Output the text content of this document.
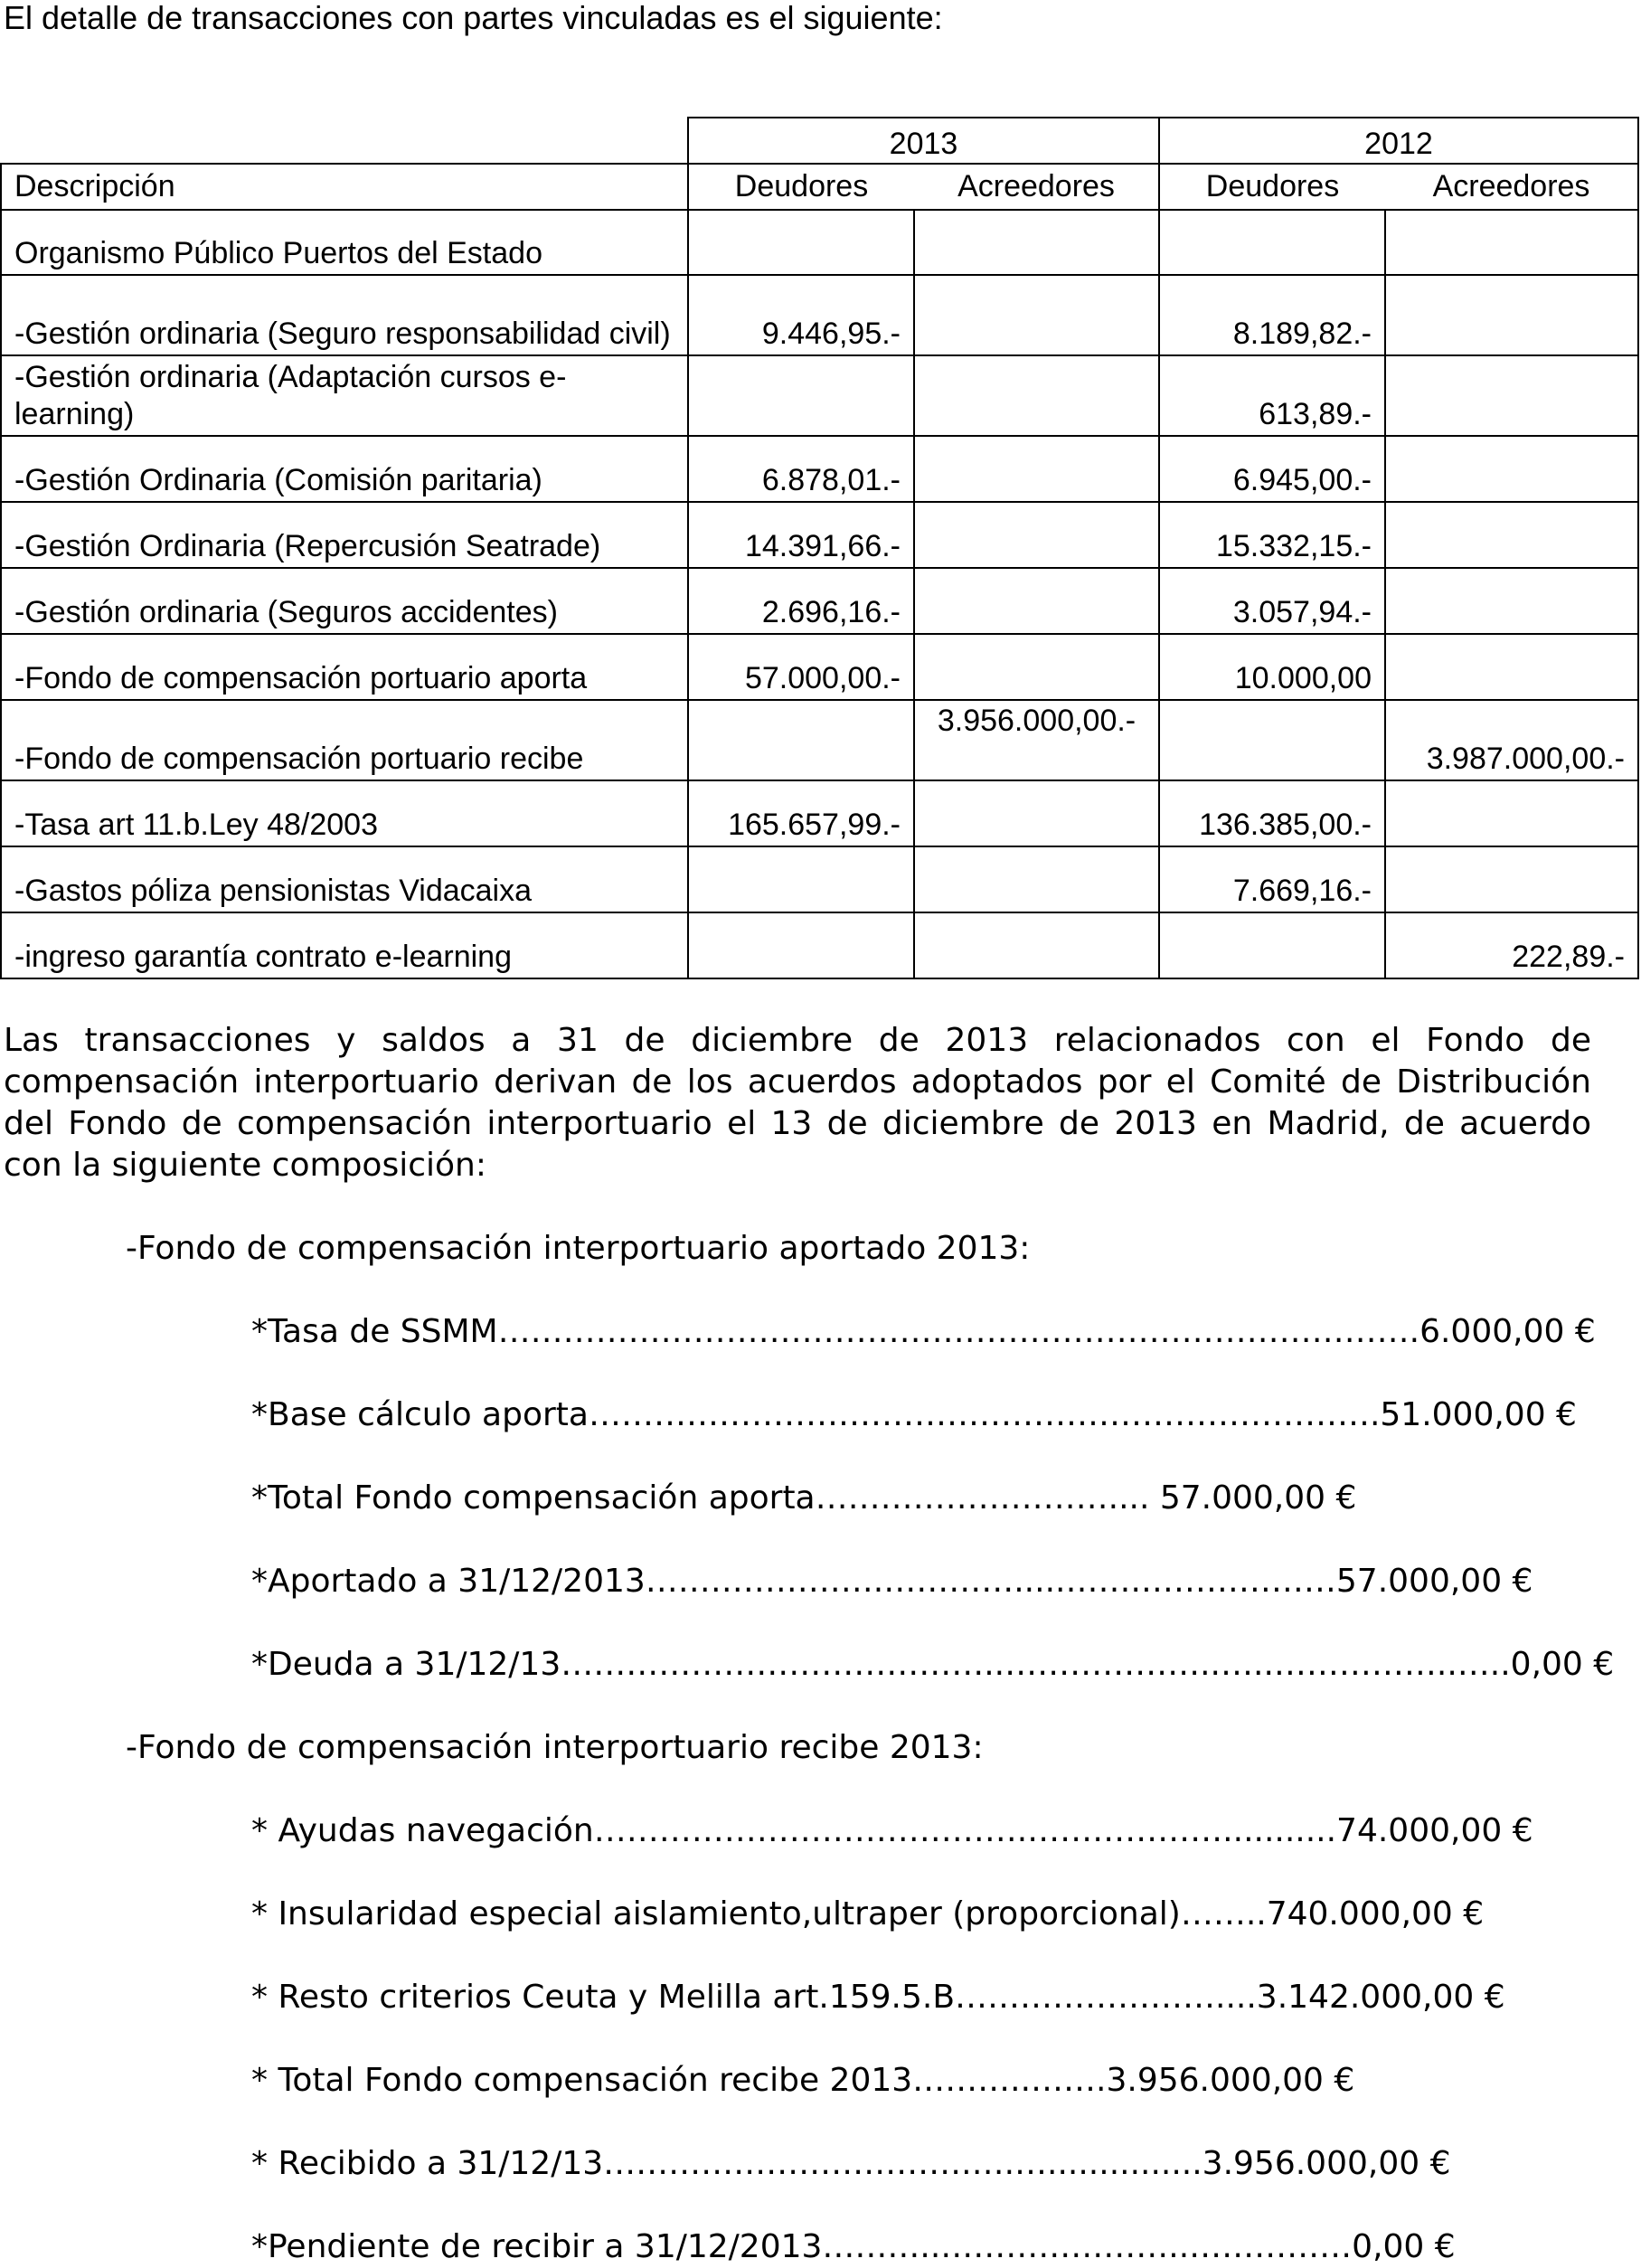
El detalle de transacciones con partes vinculadas es el siguiente:
	2013		2012	
Descripción	Deudores	Acreedores	Deudores	Acreedores
Organismo Público Puertos del Estado				
-Gestión ordinaria (Seguro responsabilidad civil)	9.446,95.-		8.189,82.-	
-Gestión ordinaria (Adaptación cursos e-learning)			613,89.-	
-Gestión Ordinaria (Comisión paritaria)	6.878,01.-		6.945,00.-	
-Gestión Ordinaria (Repercusión Seatrade)	14.391,66.-		15.332,15.-	
-Gestión ordinaria (Seguros accidentes)	2.696,16.-		3.057,94.-	
-Fondo de compensación portuario aporta	57.000,00.-		10.000,00	
-Fondo de compensación portuario recibe		3.956.000,00.-		3.987.000,00.-
-Tasa art 11.b.Ley 48/2003	165.657,99.-		136.385,00.-	
-Gastos póliza pensionistas Vidacaixa			7.669,16.-	
-ingreso garantía contrato e-learning				222,89.-
Las transacciones y saldos a 31 de diciembre de 2013 relacionados con el Fondo de compensación interportuario derivan de los acuerdos adoptados por el Comité de Distribución del Fondo de compensación interportuario el 13 de diciembre de 2013 en Madrid, de acuerdo con la siguiente composición:
-Fondo de compensación interportuario aportado 2013:
*Tasa de SSMM………………………………………………………………………….6.000,00 €
*Base cálculo aporta……………………………………………………………….51.000,00 €
*Total Fondo compensación aporta……………………….... 57.000,00 €
*Aportado a 31/12/2013………………….………….....…….………………57.000,00 €
*Deuda a 31/12/13…………………………………..………………..…..……………..…..0,00 €
-Fondo de compensación interportuario recibe 2013:
* Ayudas navegación………………………………….………………...........74.000,00 €
* Insularidad especial aislamiento,ultraper (proporcional)……..740.000,00 €
* Resto criterios Ceuta y Melilla art.159.5.B……………………....3.142.000,00 €
* Total Fondo compensación recibe 2013………..…….3.956.000,00 €
* Recibido a 31/12/13…………………………….….…...............3.956.000,00 €
*Pendiente de recibir a 31/12/2013………..…………………..……………0,00 €
